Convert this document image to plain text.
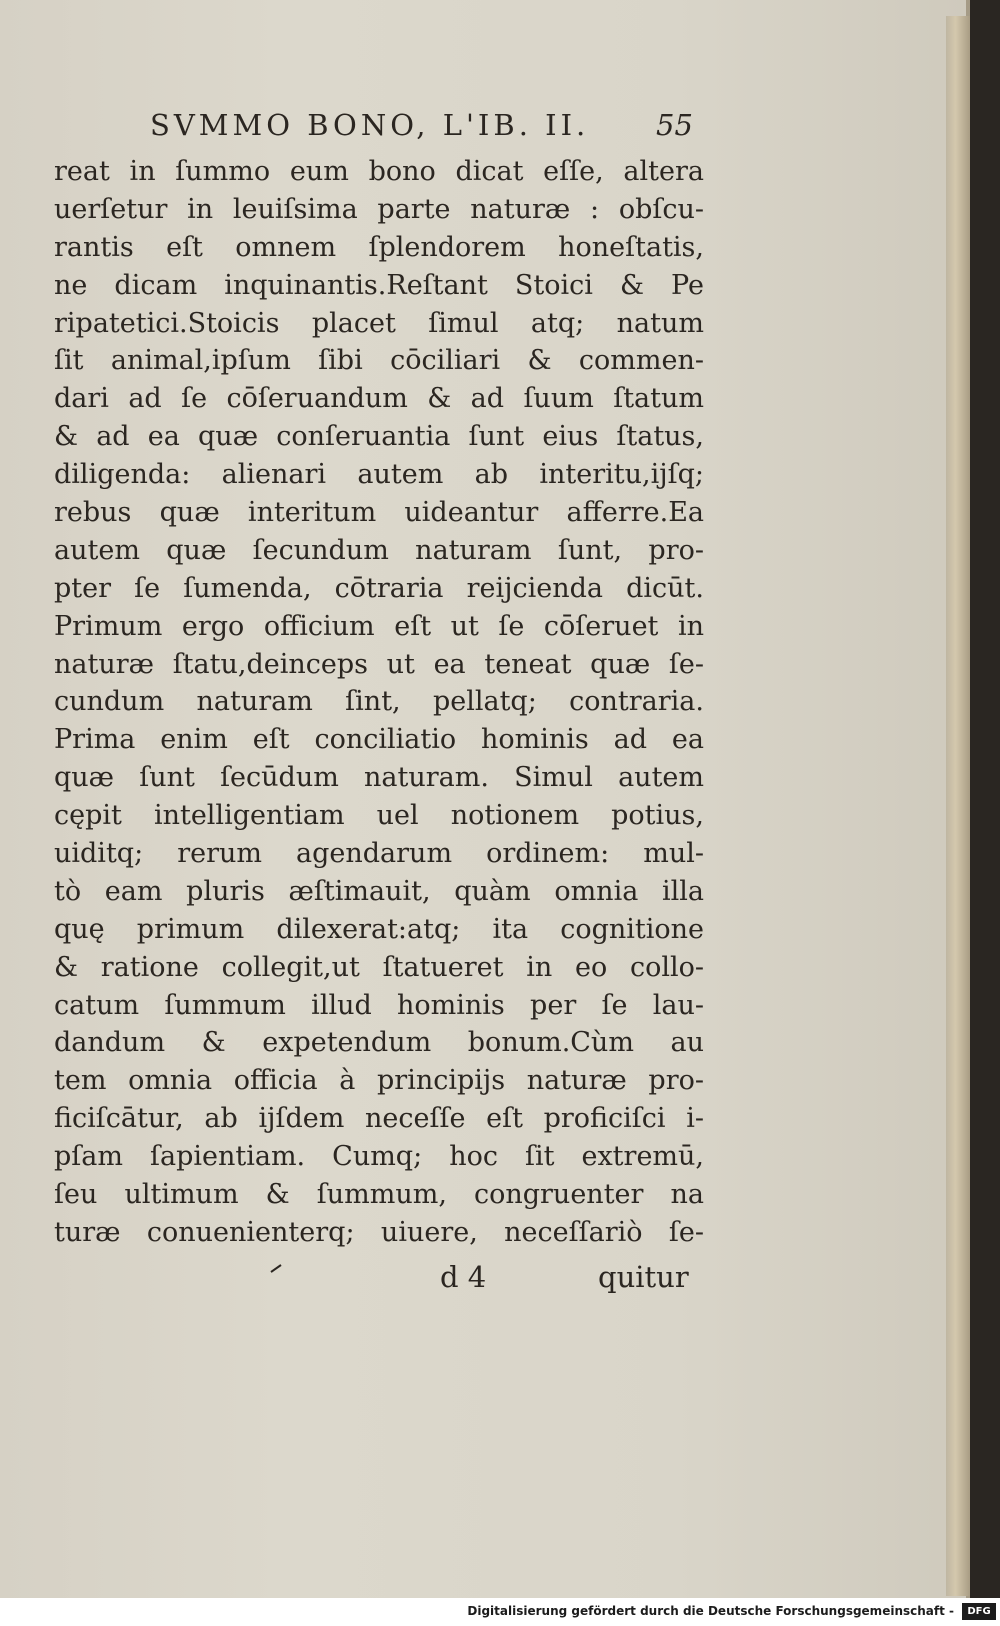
SVMMO BONO, L'IB. II.	55
reat in ſummo eum bono dicat eſſe, altera
uerſetur in leuiſsima parte naturæ : obſcu-
rantis eſt omnem ſplendorem honeſtatis,
ne dicam inquinantis.Reſtant Stoici & Pe
ripatetici.Stoicis placet ſimul atq; natum
ſit animal,ipſum ſibi cōciliari & commen-
dari ad ſe cōſeruandum & ad ſuum ſtatum
& ad ea quæ conſeruantia ſunt eius ſtatus,
diligenda: alienari autem ab interitu,ijſq;
rebus quæ interitum uideantur afferre.Ea
autem quæ ſecundum naturam ſunt, pro-
pter ſe ſumenda, cōtraria reijcienda dicūt.
Primum ergo officium eſt ut ſe cōſeruet in
naturæ ſtatu,deinceps ut ea teneat quæ ſe-
cundum naturam ſint, pellatq; contraria.
Prima enim eſt conciliatio hominis ad ea
quæ ſunt ſecūdum naturam. Simul autem
cępit intelligentiam uel notionem potius,
uiditq; rerum agendarum ordinem: mul-
tò eam pluris æſtimauit, quàm omnia illa
quę primum dilexerat:atq; ita cognitione
& ratione collegit,ut ſtatueret in eo collo-
catum ſummum illud hominis per ſe lau-
dandum & expetendum bonum.Cùm au
tem omnia officia à principijs naturæ pro-
ficiſcātur, ab ijſdem neceſſe eſt proficiſci i-
pſam ſapientiam. Cumq; hoc ſit extremū,
ſeu ultimum & ſummum, congruenter na
turæ conuenienterq; uiuere, neceſſariò ſe-
d 4	quitur
Digitalisierung gefördert durch die Deutsche Forschungsgemeinschaft -	DFG
